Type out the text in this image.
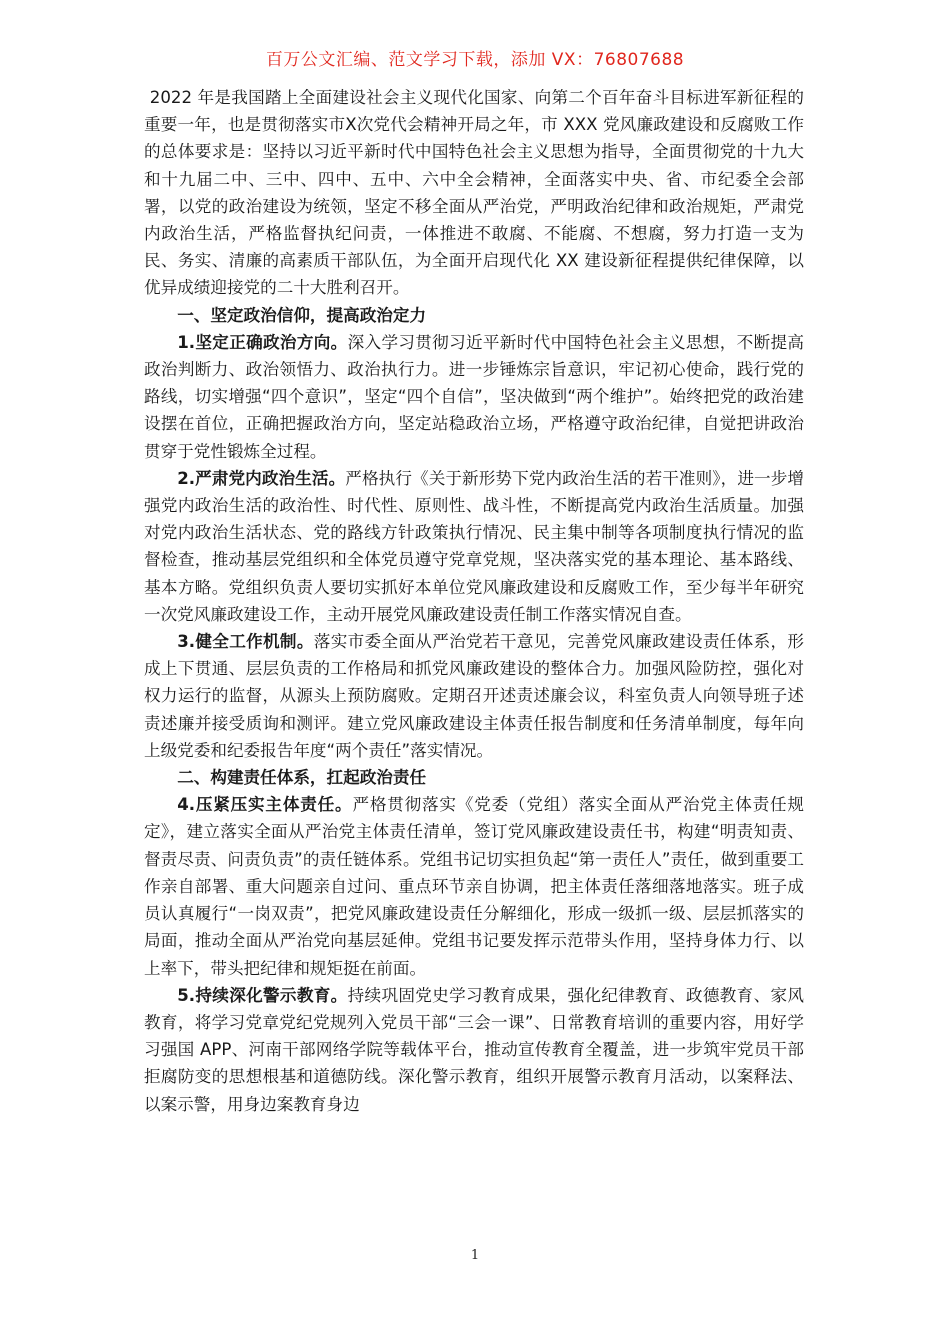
百万公文汇编、范文学习下载，添加 VX：76807688

2022 年是我国踏上全面建设社会主义现代化国家、向第二个百年奋斗目标进军新征程的重要一年，也是贯彻落实市Ⅹ次党代会精神开局之年，市 XXX 党风廉政建设和反腐败工作的总体要求是：坚持以习近平新时代中国特色社会主义思想为指导，全面贯彻党的十九大和十九届二中、三中、四中、五中、六中全会精神，全面落实中央、省、市纪委全会部署，以党的政治建设为统领，坚定不移全面从严治党，严明政治纪律和政治规矩，严肃党内政治生活，严格监督执纪问责，一体推进不敢腐、不能腐、不想腐，努力打造一支为民、务实、清廉的高素质干部队伍，为全面开启现代化 XX 建设新征程提供纪律保障，以优异成绩迎接党的二十大胜利召开。

一、坚定政治信仰，提高政治定力

1.坚定正确政治方向。深入学习贯彻习近平新时代中国特色社会主义思想，不断提高政治判断力、政治领悟力、政治执行力。进一步锤炼宗旨意识，牢记初心使命，践行党的路线，切实增强“四个意识”，坚定“四个自信”，坚决做到“两个维护”。始终把党的政治建设摆在首位，正确把握政治方向，坚定站稳政治立场，严格遵守政治纪律，自觉把讲政治贯穿于党性锻炼全过程。

2.严肃党内政治生活。严格执行《关于新形势下党内政治生活的若干准则》，进一步增强党内政治生活的政治性、时代性、原则性、战斗性，不断提高党内政治生活质量。加强对党内政治生活状态、党的路线方针政策执行情况、民主集中制等各项制度执行情况的监督检查，推动基层党组织和全体党员遵守党章党规，坚决落实党的基本理论、基本路线、基本方略。党组织负责人要切实抓好本单位党风廉政建设和反腐败工作，至少每半年研究一次党风廉政建设工作，主动开展党风廉政建设责任制工作落实情况自查。

3.健全工作机制。落实市委全面从严治党若干意见，完善党风廉政建设责任体系，形成上下贯通、层层负责的工作格局和抓党风廉政建设的整体合力。加强风险防控，强化对权力运行的监督，从源头上预防腐败。定期召开述责述廉会议，科室负责人向领导班子述责述廉并接受质询和测评。建立党风廉政建设主体责任报告制度和任务清单制度，每年向上级党委和纪委报告年度“两个责任”落实情况。

二、构建责任体系，扛起政治责任

4.压紧压实主体责任。严格贯彻落实《党委（党组）落实全面从严治党主体责任规定》，建立落实全面从严治党主体责任清单，签订党风廉政建设责任书，构建“明责知责、督责尽责、问责负责”的责任链体系。党组书记切实担负起“第一责任人”责任，做到重要工作亲自部署、重大问题亲自过问、重点环节亲自协调，把主体责任落细落地落实。班子成员认真履行“一岗双责”，把党风廉政建设责任分解细化，形成一级抓一级、层层抓落实的局面，推动全面从严治党向基层延伸。党组书记要发挥示范带头作用，坚持身体力行、以上率下，带头把纪律和规矩挺在前面。

5.持续深化警示教育。持续巩固党史学习教育成果，强化纪律教育、政德教育、家风教育，将学习党章党纪党规列入党员干部“三会一课”、日常教育培训的重要内容，用好学习强国 APP、河南干部网络学院等载体平台，推动宣传教育全覆盖，进一步筑牢党员干部拒腐防变的思想根基和道德防线。深化警示教育，组织开展警示教育月活动，以案释法、以案示警，用身边案教育身边

1
